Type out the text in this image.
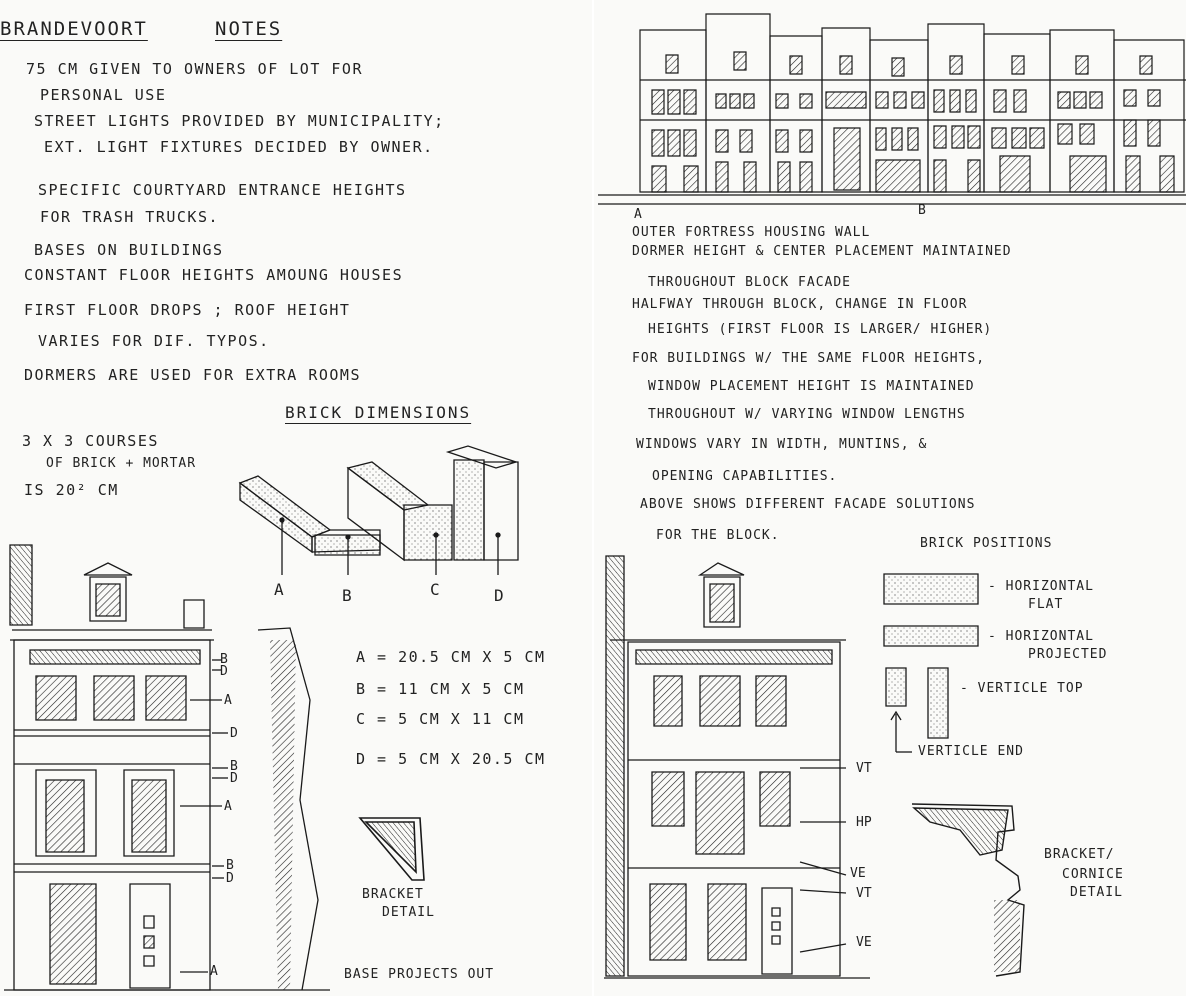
BRANDEVOORT	NOTES
75 CM GIVEN TO OWNERS OF LOT FOR
PERSONAL USE
STREET LIGHTS PROVIDED BY MUNICIPALITY;
EXT. LIGHT FIXTURES DECIDED BY OWNER.
SPECIFIC COURTYARD ENTRANCE HEIGHTS
FOR TRASH TRUCKS.
BASES ON BUILDINGS
CONSTANT FLOOR HEIGHTS AMOUNG HOUSES
FIRST FLOOR DROPS ; ROOF HEIGHT
VARIES FOR DIF. TYPOS.
DORMERS ARE USED FOR EXTRA ROOMS
BRICK DIMENSIONS
3 X 3 COURSES
OF BRICK + MORTAR
IS 20² CM
A	B	C	D
A = 20.5 CM X 5 CM
B = 11 CM X 5 CM
C = 5 CM X 11 CM
D = 5 CM X 20.5 CM
BRACKET
DETAIL
B
D
A
D
B
D
A
B
D
A	BASE PROJECTS OUT
A	B
OUTER FORTRESS HOUSING WALL
DORMER HEIGHT & CENTER PLACEMENT MAINTAINED
THROUGHOUT BLOCK FACADE
HALFWAY THROUGH BLOCK, CHANGE IN FLOOR
HEIGHTS (FIRST FLOOR IS LARGER/ HIGHER)
FOR BUILDINGS W/ THE SAME FLOOR HEIGHTS,
WINDOW PLACEMENT HEIGHT IS MAINTAINED
THROUGHOUT W/ VARYING WINDOW LENGTHS
WINDOWS VARY IN WIDTH, MUNTINS, &
OPENING CAPABILITIES.
ABOVE SHOWS DIFFERENT FACADE SOLUTIONS
FOR THE BLOCK.
BRICK POSITIONS
- HORIZONTAL
FLAT
- HORIZONTAL
PROJECTED
- VERTICLE TOP
VERTICLE END
VT
HP
VE
VT
VE
BRACKET/
CORNICE
DETAIL
